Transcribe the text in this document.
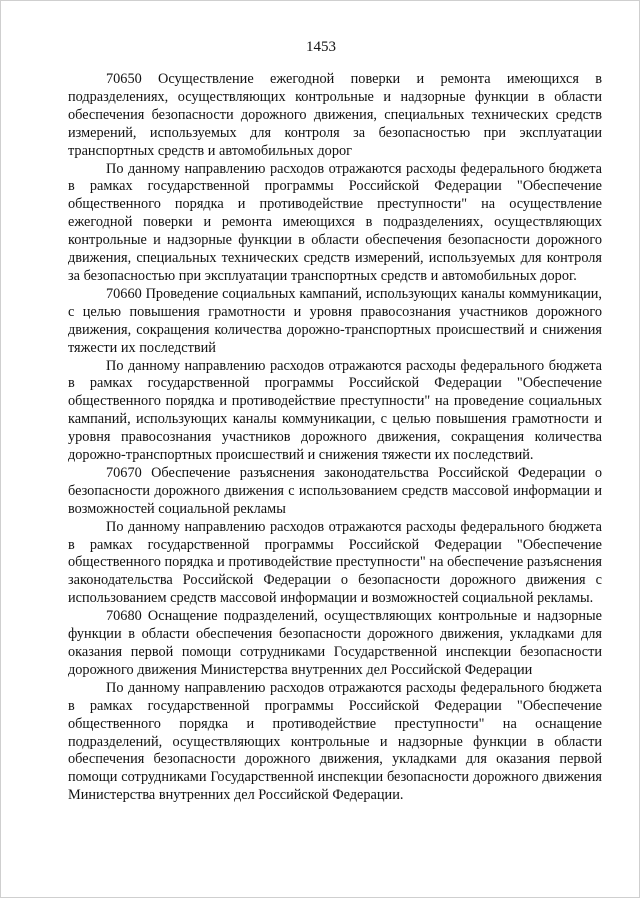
1453

70650 Осуществление ежегодной поверки и ремонта имеющихся в подразделениях, осуществляющих контрольные и надзорные функции в области обеспечения безопасности дорожного движения, специальных технических средств измерений, используемых для контроля за безопасностью при эксплуатации транспортных средств и автомобильных дорог

По данному направлению расходов отражаются расходы федерального бюджета в рамках государственной программы Российской Федерации "Обеспечение общественного порядка и противодействие преступности" на осуществление ежегодной поверки и ремонта имеющихся в подразделениях, осуществляющих контрольные и надзорные функции в области обеспечения безопасности дорожного движения, специальных технических средств измерений, используемых для контроля за безопасностью при эксплуатации транспортных средств и автомобильных дорог.

70660 Проведение социальных кампаний, использующих каналы коммуникации, с целью повышения грамотности и уровня правосознания участников дорожного движения, сокращения количества дорожно-транспортных происшествий и снижения тяжести их последствий

По данному направлению расходов отражаются расходы федерального бюджета в рамках государственной программы Российской Федерации "Обеспечение общественного порядка и противодействие преступности" на проведение социальных кампаний, использующих каналы коммуникации, с целью повышения грамотности и уровня правосознания участников дорожного движения, сокращения количества дорожно-транспортных происшествий и снижения тяжести их последствий.

70670 Обеспечение разъяснения законодательства Российской Федерации о безопасности дорожного движения с использованием средств массовой информации и возможностей социальной рекламы

По данному направлению расходов отражаются расходы федерального бюджета в рамках государственной программы Российской Федерации "Обеспечение общественного порядка и противодействие преступности" на обеспечение разъяснения законодательства Российской Федерации о безопасности дорожного движения с использованием средств массовой информации и возможностей социальной рекламы.

70680 Оснащение подразделений, осуществляющих контрольные и надзорные функции в области обеспечения безопасности дорожного движения, укладками для оказания первой помощи сотрудниками Государственной инспекции безопасности дорожного движения Министерства внутренних дел Российской Федерации

По данному направлению расходов отражаются расходы федерального бюджета в рамках государственной программы Российской Федерации "Обеспечение общественного порядка и противодействие преступности" на оснащение подразделений, осуществляющих контрольные и надзорные функции в области обеспечения безопасности дорожного движения, укладками для оказания первой помощи сотрудниками Государственной инспекции безопасности дорожного движения Министерства внутренних дел Российской Федерации.
